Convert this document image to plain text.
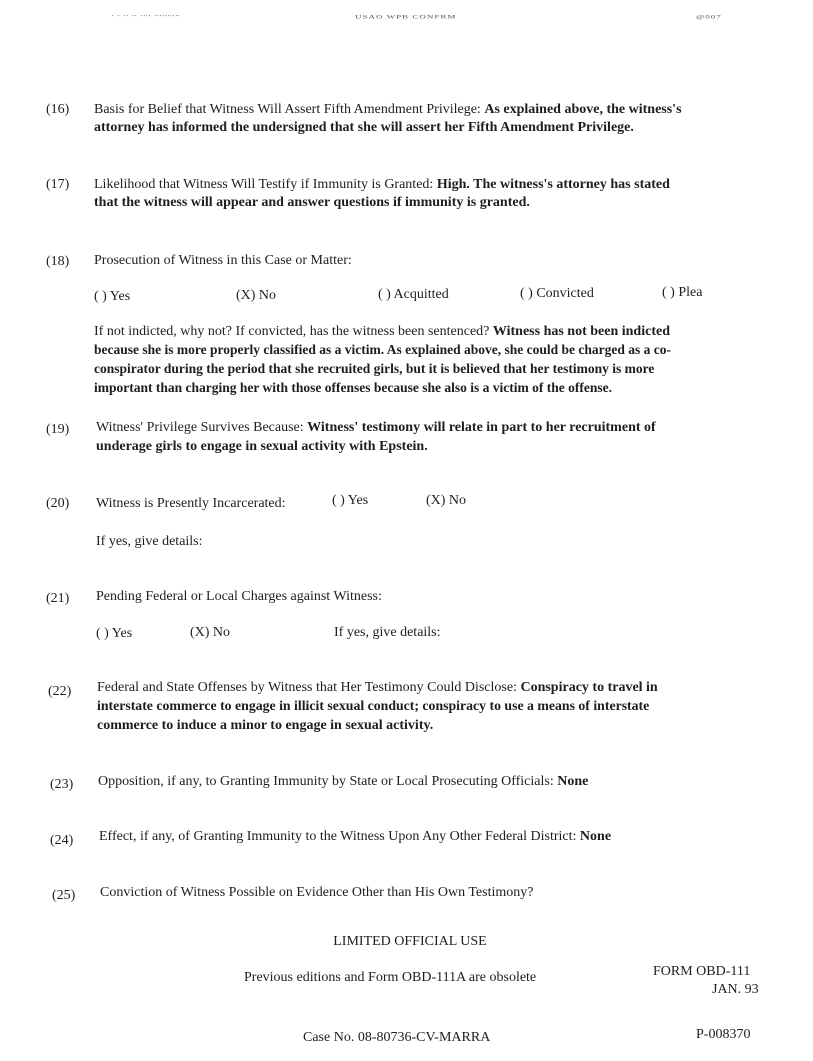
' ' '' '' '''' ''''''''''	USAO WPB CONFRM	@007
(16) Basis for Belief that Witness Will Assert Fifth Amendment Privilege: As explained above, the witness's
attorney has informed the undersigned that she will assert her Fifth Amendment Privilege.
(17) Likelihood that Witness Will Testify if Immunity is Granted: High. The witness's attorney has stated
that the witness will appear and answer questions if immunity is granted.
(18) Prosecution of Witness in this Case or Matter:
( ) Yes	(X) No	( ) Acquitted	( ) Convicted	( ) Plea
If not indicted, why not? If convicted, has the witness been sentenced? Witness has not been indicted
because she is more properly classified as a victim. As explained above, she could be charged as a co-
conspirator during the period that she recruited girls, but it is believed that her testimony is more
important than charging her with those offenses because she also is a victim of the offense.
(19) Witness' Privilege Survives Because: Witness' testimony will relate in part to her recruitment of
underage girls to engage in sexual activity with Epstein.
(20) Witness is Presently Incarcerated:	( ) Yes	(X) No
If yes, give details:
(21) Pending Federal or Local Charges against Witness:
( ) Yes	(X) No	If yes, give details:
(22) Federal and State Offenses by Witness that Her Testimony Could Disclose: Conspiracy to travel in
interstate commerce to engage in illicit sexual conduct; conspiracy to use a means of interstate
commerce to induce a minor to engage in sexual activity.
(23) Opposition, if any, to Granting Immunity by State or Local Prosecuting Officials: None
(24) Effect, if any, of Granting Immunity to the Witness Upon Any Other Federal District: None
(25) Conviction of Witness Possible on Evidence Other than His Own Testimony?
LIMITED OFFICIAL USE
Previous editions and Form OBD-111A are obsolete	FORM OBD-111
JAN. 93
Case No. 08-80736-CV-MARRA	P-008370
